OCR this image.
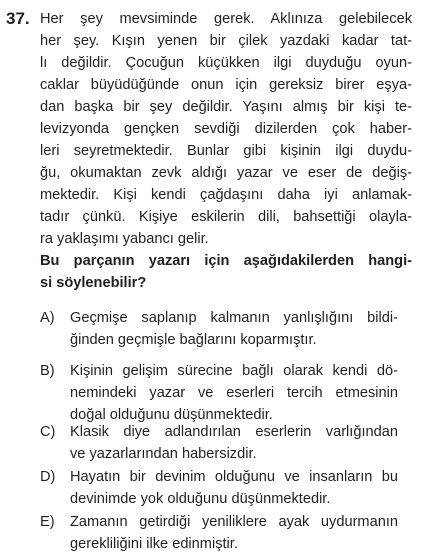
37. Her şey mevsiminde gerek. Aklınıza gelebilecek
her şey. Kışın yenen bir çilek yazdaki kadar tat-
lı değildir. Çocuğun küçükken ilgi duyduğu oyun-
caklar büyüdüğünde onun için gereksiz birer eşya-
dan başka bir şey değildir. Yaşını almış bir kişi te-
levizyonda gençken sevdiği dizilerden çok haber-
leri seyretmektedir. Bunlar gibi kişinin ilgi duydu-
ğu, okumaktan zevk aldığı yazar ve eser de değiş-
mektedir. Kişi kendi çağdaşını daha iyi anlamak-
tadır çünkü. Kişiye eskilerin dili, bahsettiği olayla-
ra yaklaşımı yabancı gelir.
Bu parçanın yazarı için aşağıdakilerden hangi-
si söylenebilir?
A) Geçmişe saplanıp kalmanın yanlışlığını bildi-
ğinden geçmişle bağlarını koparmıştır.
B) Kişinin gelişim sürecine bağlı olarak kendi dö-
nemindeki yazar ve eserleri tercih etmesinin
doğal olduğunu düşünmektedir.
C) Klasik diye adlandırılan eserlerin varlığından
ve yazarlarından habersizdir.
D) Hayatın bir devinim olduğunu ve insanların bu
devinimde yok olduğunu düşünmektedir.
E) Zamanın getirdiği yeniliklere ayak uydurmanın
gerekliliğini ilke edinmiştir.
